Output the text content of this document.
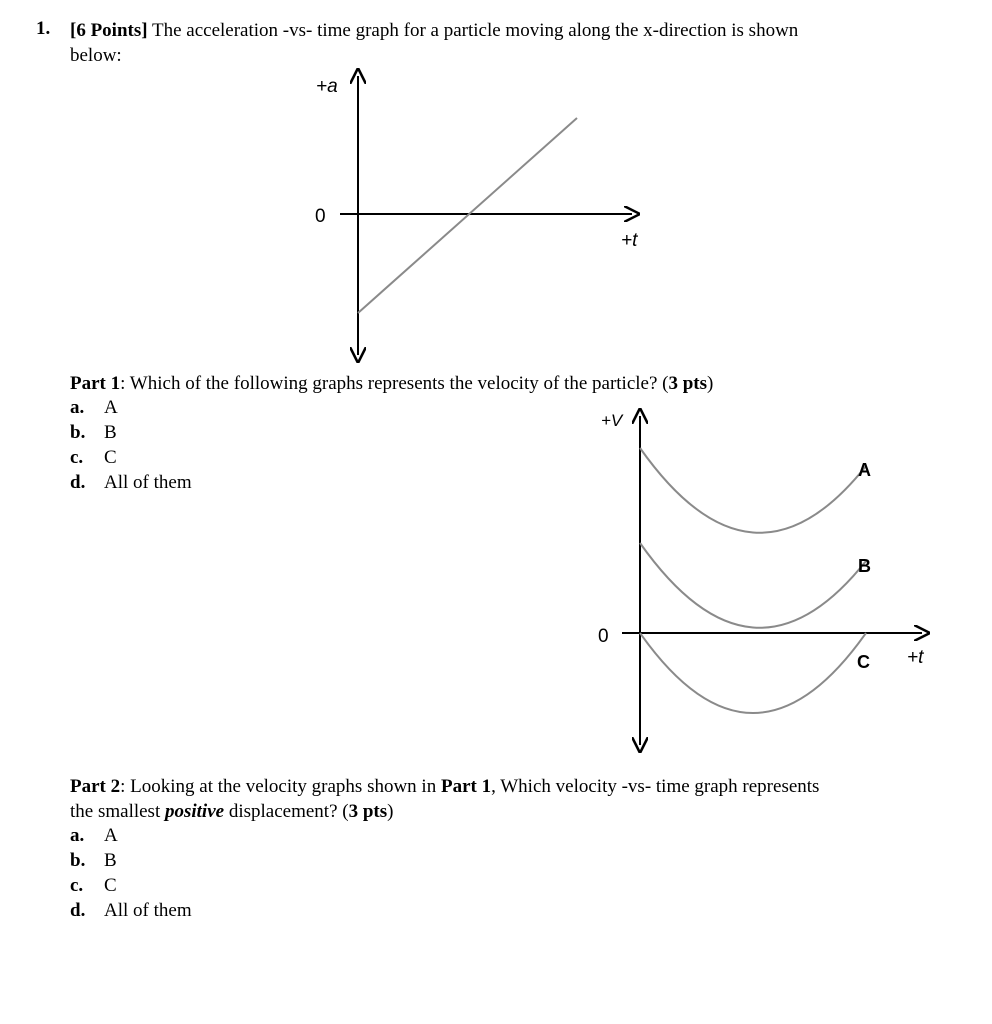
1. [6 Points] The acceleration -vs- time graph for a particle moving along the x-direction is shown
below:
+a
0
+t
Part 1: Which of the following graphs represents the velocity of the particle? (3 pts)
a. A
b. B
c. C
d. All of them
+V
0
+t
A
B
C
Part 2: Looking at the velocity graphs shown in Part 1, Which velocity -vs- time graph represents
the smallest positive displacement? (3 pts)
a. A
b. B
c. C
d. All of them
